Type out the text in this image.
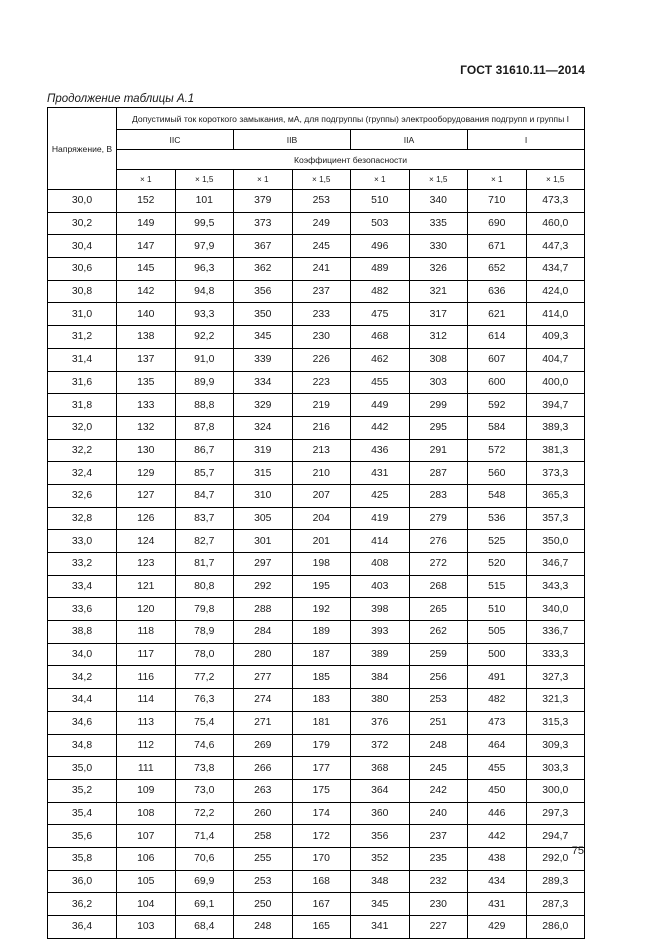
ГОСТ 31610.11—2014
Продолжение таблицы А.1
Напряжение, В	Допустимый ток короткого замыкания, мА, для подгруппы (группы) электрооборудования подгрупп и группы I							
	IIC		IIB		IIA		I	
	Коэффициент безопасности							
	× 1	× 1,5	× 1	× 1,5	× 1	× 1,5	× 1	× 1,5
30,0	152	101	379	253	510	340	710	473,3
30,2	149	99,5	373	249	503	335	690	460,0
30,4	147	97,9	367	245	496	330	671	447,3
30,6	145	96,3	362	241	489	326	652	434,7
30,8	142	94,8	356	237	482	321	636	424,0
31,0	140	93,3	350	233	475	317	621	414,0
31,2	138	92,2	345	230	468	312	614	409,3
31,4	137	91,0	339	226	462	308	607	404,7
31,6	135	89,9	334	223	455	303	600	400,0
31,8	133	88,8	329	219	449	299	592	394,7
32,0	132	87,8	324	216	442	295	584	389,3
32,2	130	86,7	319	213	436	291	572	381,3
32,4	129	85,7	315	210	431	287	560	373,3
32,6	127	84,7	310	207	425	283	548	365,3
32,8	126	83,7	305	204	419	279	536	357,3
33,0	124	82,7	301	201	414	276	525	350,0
33,2	123	81,7	297	198	408	272	520	346,7
33,4	121	80,8	292	195	403	268	515	343,3
33,6	120	79,8	288	192	398	265	510	340,0
38,8	118	78,9	284	189	393	262	505	336,7
34,0	117	78,0	280	187	389	259	500	333,3
34,2	116	77,2	277	185	384	256	491	327,3
34,4	114	76,3	274	183	380	253	482	321,3
34,6	113	75,4	271	181	376	251	473	315,3
34,8	112	74,6	269	179	372	248	464	309,3
35,0	111	73,8	266	177	368	245	455	303,3
35,2	109	73,0	263	175	364	242	450	300,0
35,4	108	72,2	260	174	360	240	446	297,3
35,6	107	71,4	258	172	356	237	442	294,7
35,8	106	70,6	255	170	352	235	438	292,0
36,0	105	69,9	253	168	348	232	434	289,3
36,2	104	69,1	250	167	345	230	431	287,3
36,4	103	68,4	248	165	341	227	429	286,0
75
